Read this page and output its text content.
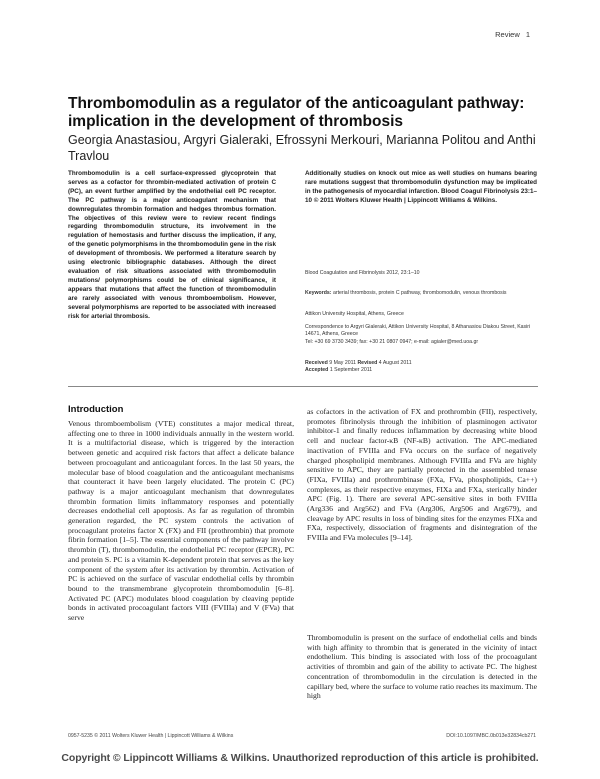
Review 1
Thrombomodulin as a regulator of the anticoagulant pathway: implication in the development of thrombosis
Georgia Anastasiou, Argyri Gialeraki, Efrossyni Merkouri, Marianna Politou and Anthi Travlou
Thrombomodulin is a cell surface-expressed glycoprotein that serves as a cofactor for thrombin-mediated activation of protein C (PC), an event further amplified by the endothelial cell PC receptor. The PC pathway is a major anticoagulant mechanism that downregulates thrombin formation and hedges thrombus formation. The objectives of this review were to review recent findings regarding thrombomodulin structure, its involvement in the regulation of hemostasis and further discuss the implication, if any, of the genetic polymorphisms in the thrombomodulin gene in the risk of development of thrombosis. We performed a literature search by using electronic bibliographic databases. Although the direct evaluation of risk situations associated with thrombomodulin mutations/ polymorphisms could be of clinical significance, it appears that mutations that affect the function of thrombomodulin are rarely associated with venous thromboembolism. However, several polymorphisms are reported to be associated with increased risk for arterial thrombosis.
Additionally studies on knock out mice as well studies on humans bearing rare mutations suggest that thrombomodulin dysfunction may be implicated in the pathogenesis of myocardial infarction. Blood Coagul Fibrinolysis 23:1–10 © 2011 Wolters Kluwer Health | Lippincott Williams & Wilkins.
Blood Coagulation and Fibrinolysis 2012, 23:1–10
Keywords: arterial thrombosis, protein C pathway, thrombomodulin, venous thrombosis
Attikon University Hospital, Athens, Greece
Correspondence to Argyri Gialeraki, Attikon University Hospital, 8 Athanasiou Diakou Street, Kasiri 14671, Athens, Greece
Tel: +30 69 3730 3439; fax: +30 21 0807 0947; e-mail: agialer@med.uoa.gr
Received 9 May 2011 Revised 4 August 2011
Accepted 1 September 2011
Introduction

Venous thromboembolism (VTE) constitutes a major medical threat, affecting one to three in 1000 individuals annually in the western world. It is a multifactorial disease, which is triggered by the interaction between genetic and acquired risk factors that affect a delicate balance between procoagulant and anticoagulant forces. In the last 50 years, the molecular base of blood coagulation and the anticoagulant mechanisms that counteract it have been largely elucidated. The protein C (PC) pathway is a major anticoagulant mechanism that downregulates thrombin formation limits inflammatory responses and potentially decreases endothelial cell apoptosis. As far as regulation of thrombin generation regarded, the PC system controls the activation of procoagulant proteins factor X (FX) and FII (prothrombin) that promote fibrin formation [1–5]. The essential components of the pathway involve thrombin (T), thrombomodulin, the endothelial PC receptor (EPCR), PC and protein S. PC is a vitamin K-dependent protein that serves as the key component of the system after its activation by thrombin. Activation of PC is achieved on the surface of vascular endothelial cells by thrombin bound to the transmembrane glycoprotein thrombomodulin [6–8]. Activated PC (APC) modulates blood coagulation by cleaving peptide bonds in activated procoagulant factors VIII (FVIIIa) and V (FVa) that serve

as cofactors in the activation of FX and prothrombin (FII), respectively, promotes fibrinolysis through the inhibition of plasminogen activator inhibitor-1 and finally reduces inflammation by decreasing white blood cell and nuclear factor-κB (NF-κB) activation. The APC-mediated inactivation of FVIIIa and FVa occurs on the surface of negatively charged phospholipid membranes. Although FVIIIa and FVa are highly sensitive to APC, they are partially protected in the assembled tenase (FIXa, FVIIIa) and prothrombinase (FXa, FVa, phospholipids, Ca++) complexes, as their respective enzymes, FIXa and FXa, sterically hinder APC (Fig. 1). There are several APC-sensitive sites in both FVIIIa (Arg336 and Arg562) and FVa (Arg306, Arg506 and Arg679), and cleavage by APC results in loss of binding sites for the enzymes FIXa and FXa, respectively, dissociation of fragments and disintegration of the FVIIIa and FVa molecules [9–14].

Thrombomodulin is present on the surface of endothelial cells and binds with high affinity to thrombin that is generated in the vicinity of intact endothelium. This binding is associated with loss of the procoagulant activities of thrombin and gain of the ability to activate PC. The highest concentration of thrombomodulin in the circulation is detected in the capillary bed, where the surface to volume ratio reaches its maximum. The high

0957-5235 © 2011 Wolters Kluwer Health | Lippincott Williams & Wilkins	DOI:10.1097/MBC.0b013e32834cb271
Copyright © Lippincott Williams & Wilkins. Unauthorized reproduction of this article is prohibited.
